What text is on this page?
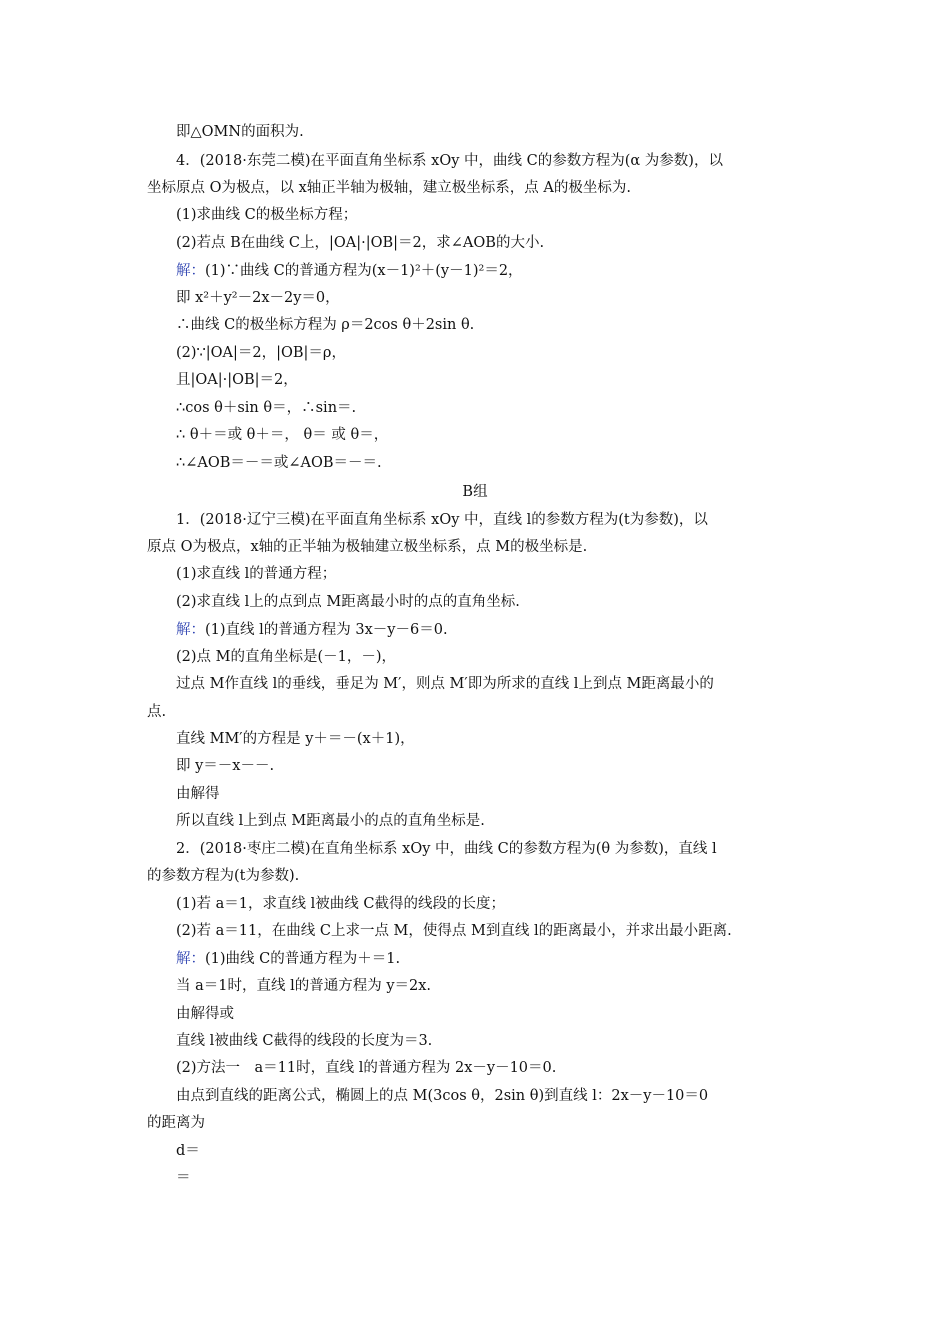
即△OMN的面积为.
4．(2018·东莞二模)在平面直角坐标系 xOy 中，曲线 C的参数方程为(α 为参数)，以
坐标原点 O为极点，以 x轴正半轴为极轴，建立极坐标系，点 A的极坐标为.
(1)求曲线 C的极坐标方程；
(2)若点 B在曲线 C上，|OA|·|OB|＝2，求∠AOB的大小.
解：(1)∵曲线 C的普通方程为(x－1)²＋(y－1)²＝2，
即 x²＋y²－2x－2y＝0，
∴曲线 C的极坐标方程为 ρ＝2cos θ＋2sin θ.
(2)∵|OA|＝2，|OB|＝ρ，
且|OA|·|OB|＝2，
∴cos θ＋sin θ＝，∴sin＝.
∴ θ＋＝或 θ＋＝， θ＝ 或 θ＝，
∴∠AOB＝－＝或∠AOB＝－＝.
B组
1．(2018·辽宁三模)在平面直角坐标系 xOy 中，直线 l的参数方程为(t为参数)，以
原点 O为极点，x轴的正半轴为极轴建立极坐标系，点 M的极坐标是.
(1)求直线 l的普通方程；
(2)求直线 l上的点到点 M距离最小时的点的直角坐标.
解：(1)直线 l的普通方程为 3x－y－6＝0.
(2)点 M的直角坐标是(－1，－)，
过点 M作直线 l的垂线，垂足为 M′，则点 M′即为所求的直线 l上到点 M距离最小的
点.
直线 MM′的方程是 y＋＝－(x＋1)，
即 y＝－x－－.
由解得
所以直线 l上到点 M距离最小的点的直角坐标是.
2．(2018·枣庄二模)在直角坐标系 xOy 中，曲线 C的参数方程为(θ 为参数)，直线 l
的参数方程为(t为参数).
(1)若 a＝1，求直线 l被曲线 C截得的线段的长度；
(2)若 a＝11，在曲线 C上求一点 M，使得点 M到直线 l的距离最小，并求出最小距离.
解：(1)曲线 C的普通方程为＋＝1.
当 a＝1时，直线 l的普通方程为 y＝2x.
由解得或
直线 l被曲线 C截得的线段的长度为＝3.
(2)方法一　a＝11时，直线 l的普通方程为 2x－y－10＝0.
由点到直线的距离公式，椭圆上的点 M(3cos θ，2sin θ)到直线 l：2x－y－10＝0
的距离为
d＝
＝
